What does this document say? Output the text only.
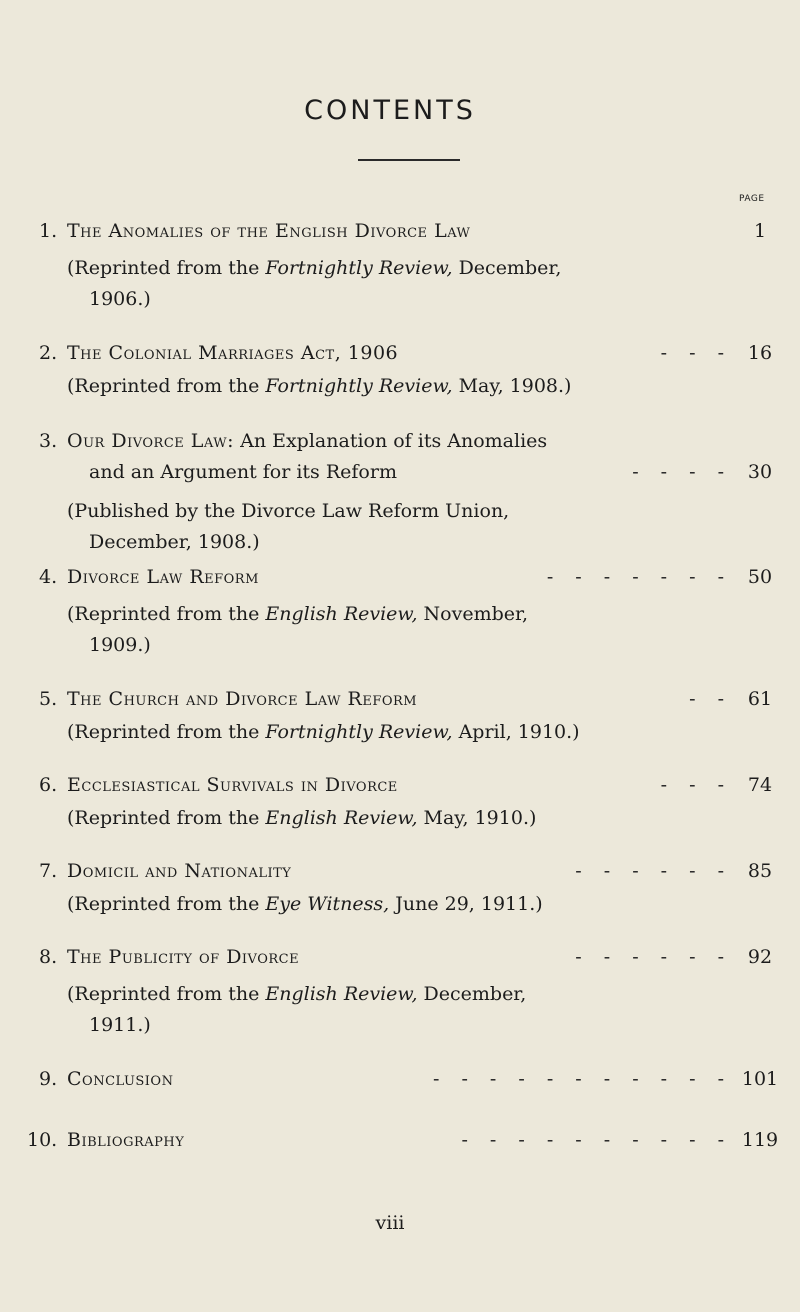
CONTENTS
PAGE
1. The Anomalies of the English Divorce Law	1
(Reprinted from the Fortnightly Review, December,
1906.)
2. The Colonial Marriages Act, 1906	- - - 16
(Reprinted from the Fortnightly Review, May, 1908.)
3. Our Divorce Law: An Explanation of its Anomalies
and an Argument for its Reform	- - - - 30
(Published by the Divorce Law Reform Union,
December, 1908.)
4. Divorce Law Reform	- - - - - - - 50
(Reprinted from the English Review, November,
1909.)
5. The Church and Divorce Law Reform	- - 61
(Reprinted from the Fortnightly Review, April, 1910.)
6. Ecclesiastical Survivals in Divorce	- - - 74
(Reprinted from the English Review, May, 1910.)
7. Domicil and Nationality	- - - - - - 85
(Reprinted from the Eye Witness, June 29, 1911.)
8. The Publicity of Divorce	- - - - - - 92
(Reprinted from the English Review, December,
1911.)
9. Conclusion	- - - - - - - - - - - 101
10. Bibliography	- - - - - - - - - - 119
viii
